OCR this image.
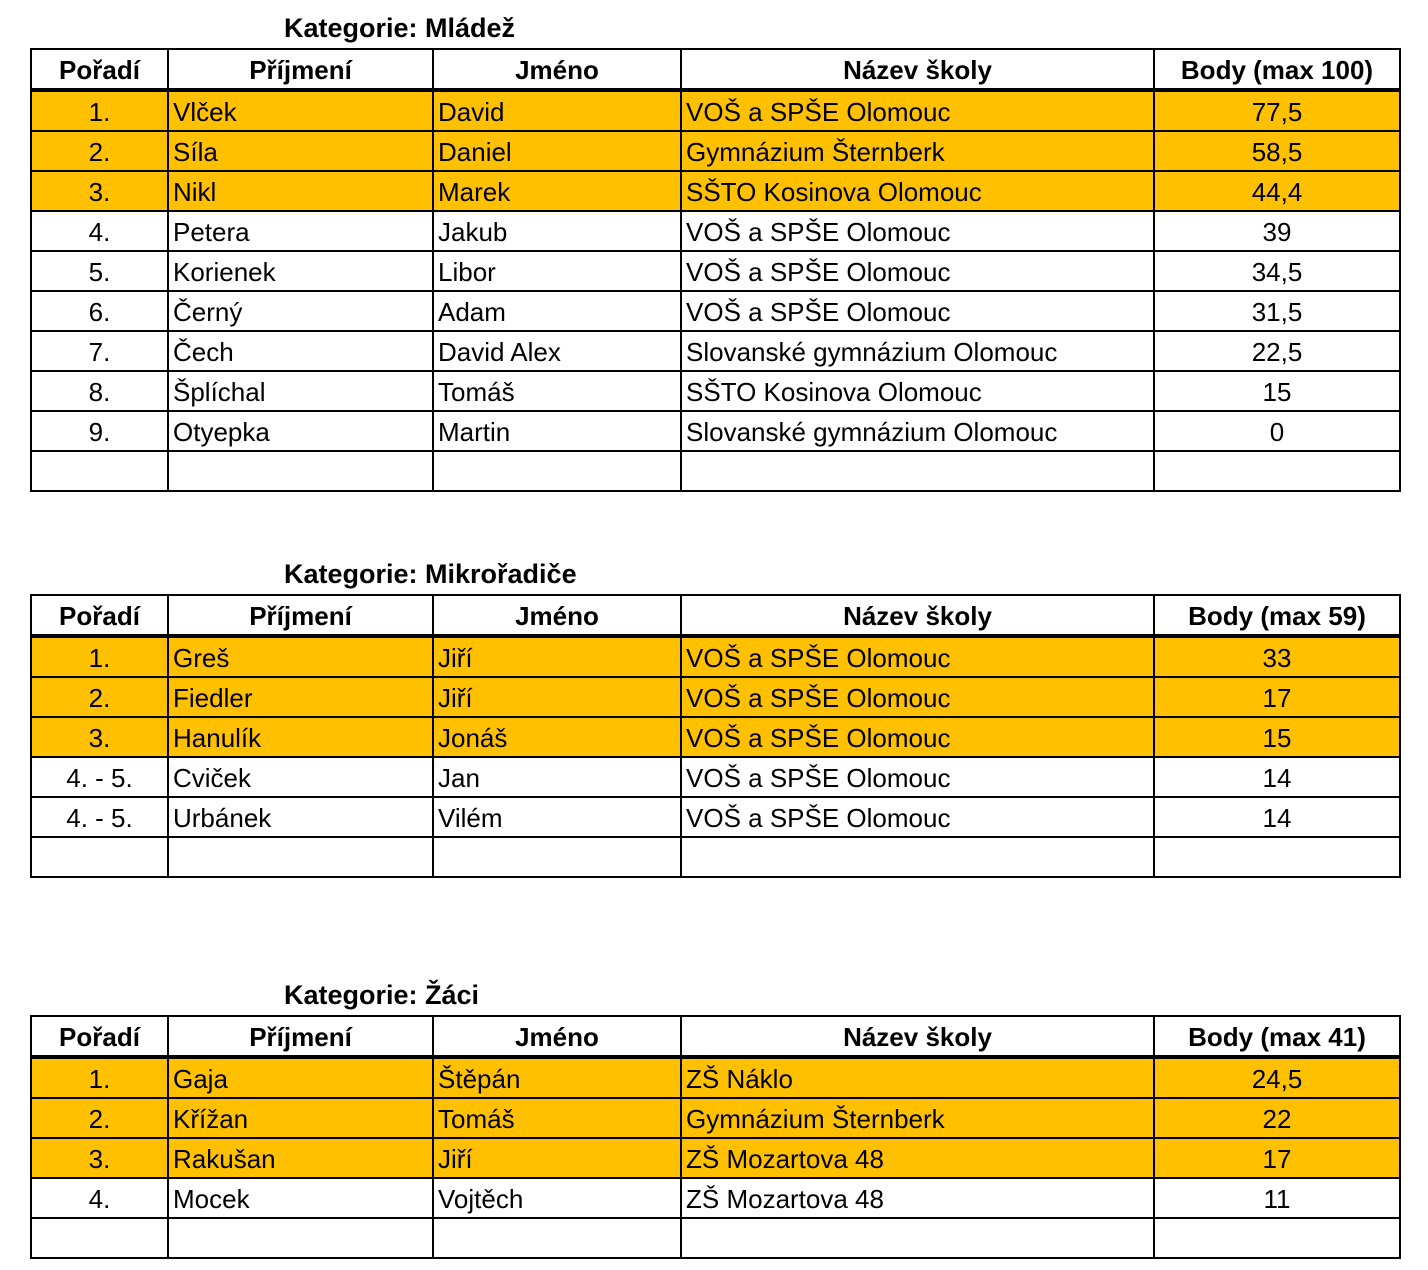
Kategorie: Mládež
Pořadí	Příjmení	Jméno	Název školy	Body (max 100)
1.	Vlček	David	VOŠ a SPŠE Olomouc	77,5
2.	Síla	Daniel	Gymnázium Šternberk	58,5
3.	Nikl	Marek	SŠTO Kosinova Olomouc	44,4
4.	Petera	Jakub	VOŠ a SPŠE Olomouc	39
5.	Korienek	Libor	VOŠ a SPŠE Olomouc	34,5
6.	Černý	Adam	VOŠ a SPŠE Olomouc	31,5
7.	Čech	David Alex	Slovanské gymnázium Olomouc	22,5
8.	Šplíchal	Tomáš	SŠTO Kosinova Olomouc	15
9.	Otyepka	Martin	Slovanské gymnázium Olomouc	0

Kategorie: Mikrořadiče
Pořadí	Příjmení	Jméno	Název školy	Body (max 59)
1.	Greš	Jiří	VOŠ a SPŠE Olomouc	33
2.	Fiedler	Jiří	VOŠ a SPŠE Olomouc	17
3.	Hanulík	Jonáš	VOŠ a SPŠE Olomouc	15
4. - 5.	Cviček	Jan	VOŠ a SPŠE Olomouc	14
4. - 5.	Urbánek	Vilém	VOŠ a SPŠE Olomouc	14

Kategorie: Žáci
Pořadí	Příjmení	Jméno	Název školy	Body (max 41)
1.	Gaja	Štěpán	ZŠ Náklo	24,5
2.	Křížan	Tomáš	Gymnázium Šternberk	22
3.	Rakušan	Jiří	ZŠ Mozartova 48	17
4.	Mocek	Vojtěch	ZŠ Mozartova 48	11
